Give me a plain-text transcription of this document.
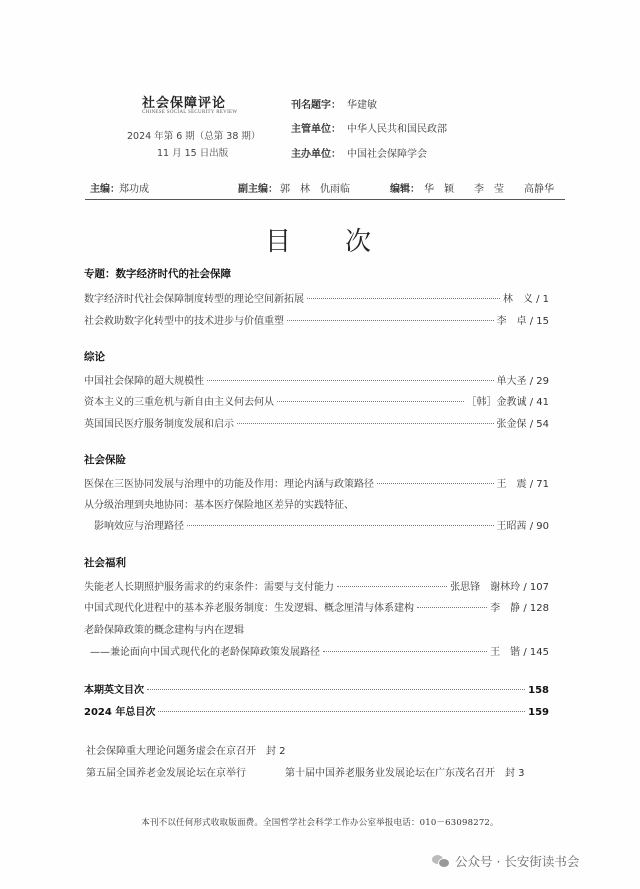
社会保障评论
CHINESE SOCIAL SECURITY REVIEW
2024 年第 6 期（总第 38 期）
11 月 15 日出版
刊名题字： 华建敏
主管单位： 中华人民共和国民政部
主办单位： 中国社会保障学会
主编： 郑功成	副主编： 郭　林　仇雨临	编辑： 华　颖　　李　莹　　高静华
目　次
专题：数字经济时代的社会保障
数字经济时代社会保障制度转型的理论空间新拓展	林　义 / 1
社会救助数字化转型中的技术进步与价值重塑	李　卓 / 15
综论
中国社会保障的超大规模性	单大圣 / 29
资本主义的三重危机与新自由主义何去何从	［韩］金教诚 / 41
英国国民医疗服务制度发展和启示	张金保 / 54
社会保险
医保在三医协同发展与治理中的功能及作用：理论内涵与政策路径	王　震 / 71
从分级治理到央地协同：基本医疗保险地区差异的实践特征、
影响效应与治理路径	王昭茜 / 90
社会福利
失能老人长期照护服务需求的约束条件：需要与支付能力	张思锋　谢林玲 / 107
中国式现代化进程中的基本养老服务制度：生发逻辑、概念厘清与体系建构	李　静 / 128
老龄保障政策的概念建构与内在逻辑
——兼论面向中国式现代化的老龄保障政策发展路径	王　锴 / 145
本期英文目次	158
2024 年总目次	159
社会保障重大理论问题务虚会在京召开　封 2
第五届全国养老金发展论坛在京举行	第十届中国养老服务业发展论坛在广东茂名召开　封 3
本刊不以任何形式收取版面费。全国哲学社会科学工作办公室举报电话：010－63098272。
公众号 · 长安街读书会
